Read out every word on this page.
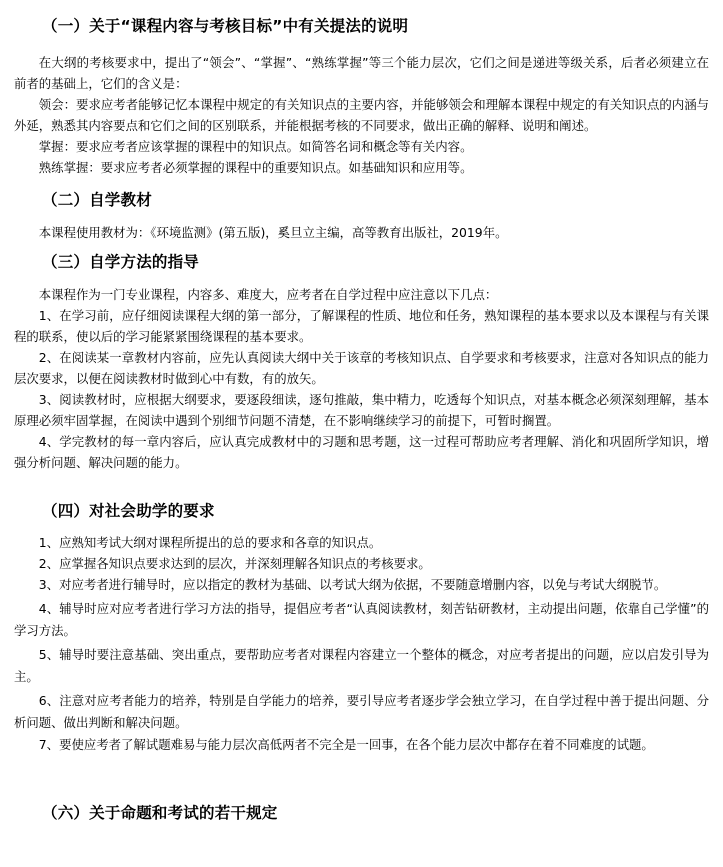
（一）关于“课程内容与考核目标”中有关提法的说明

在大纲的考核要求中，提出了“领会”、“掌握”、“熟练掌握”等三个能力层次，它们之间是递进等级关系，后者必须建立在前者的基础上，它们的含义是：

领会：要求应考者能够记忆本课程中规定的有关知识点的主要内容，并能够领会和理解本课程中规定的有关知识点的内涵与外延，熟悉其内容要点和它们之间的区别联系，并能根据考核的不同要求，做出正确的解释、说明和阐述。

掌握：要求应考者应该掌握的课程中的知识点。如简答名词和概念等有关内容。

熟练掌握：要求应考者必须掌握的课程中的重要知识点。如基础知识和应用等。

（二）自学教材

本课程使用教材为：《环境监测》(第五版)，奚旦立主编，高等教育出版社，2019年。

（三）自学方法的指导

本课程作为一门专业课程，内容多、难度大，应考者在自学过程中应注意以下几点：

1、在学习前，应仔细阅读课程大纲的第一部分，了解课程的性质、地位和任务，熟知课程的基本要求以及本课程与有关课程的联系，使以后的学习能紧紧围绕课程的基本要求。

2、在阅读某一章教材内容前，应先认真阅读大纲中关于该章的考核知识点、自学要求和考核要求，注意对各知识点的能力层次要求，以便在阅读教材时做到心中有数，有的放矢。

3、阅读教材时，应根据大纲要求，要逐段细读，逐句推敲，集中精力，吃透每个知识点，对基本概念必须深刻理解，基本原理必须牢固掌握，在阅读中遇到个别细节问题不清楚，在不影响继续学习的前提下，可暂时搁置。

4、学完教材的每一章内容后，应认真完成教材中的习题和思考题，这一过程可帮助应考者理解、消化和巩固所学知识，增强分析问题、解决问题的能力。

（四）对社会助学的要求

1、应熟知考试大纲对课程所提出的总的要求和各章的知识点。

2、应掌握各知识点要求达到的层次，并深刻理解各知识点的考核要求。

3、对应考者进行辅导时，应以指定的教材为基础、以考试大纲为依据，不要随意增删内容，以免与考试大纲脱节。

4、辅导时应对应考者进行学习方法的指导，提倡应考者“认真阅读教材，刻苦钻研教材，主动提出问题，依靠自己学懂”的学习方法。

5、辅导时要注意基础、突出重点，要帮助应考者对课程内容建立一个整体的概念，对应考者提出的问题，应以启发引导为主。

6、注意对应考者能力的培养，特别是自学能力的培养，要引导应考者逐步学会独立学习，在自学过程中善于提出问题、分析问题、做出判断和解决问题。

7、要使应考者了解试题难易与能力层次高低两者不完全是一回事，在各个能力层次中都存在着不同难度的试题。

（六）关于命题和考试的若干规定
